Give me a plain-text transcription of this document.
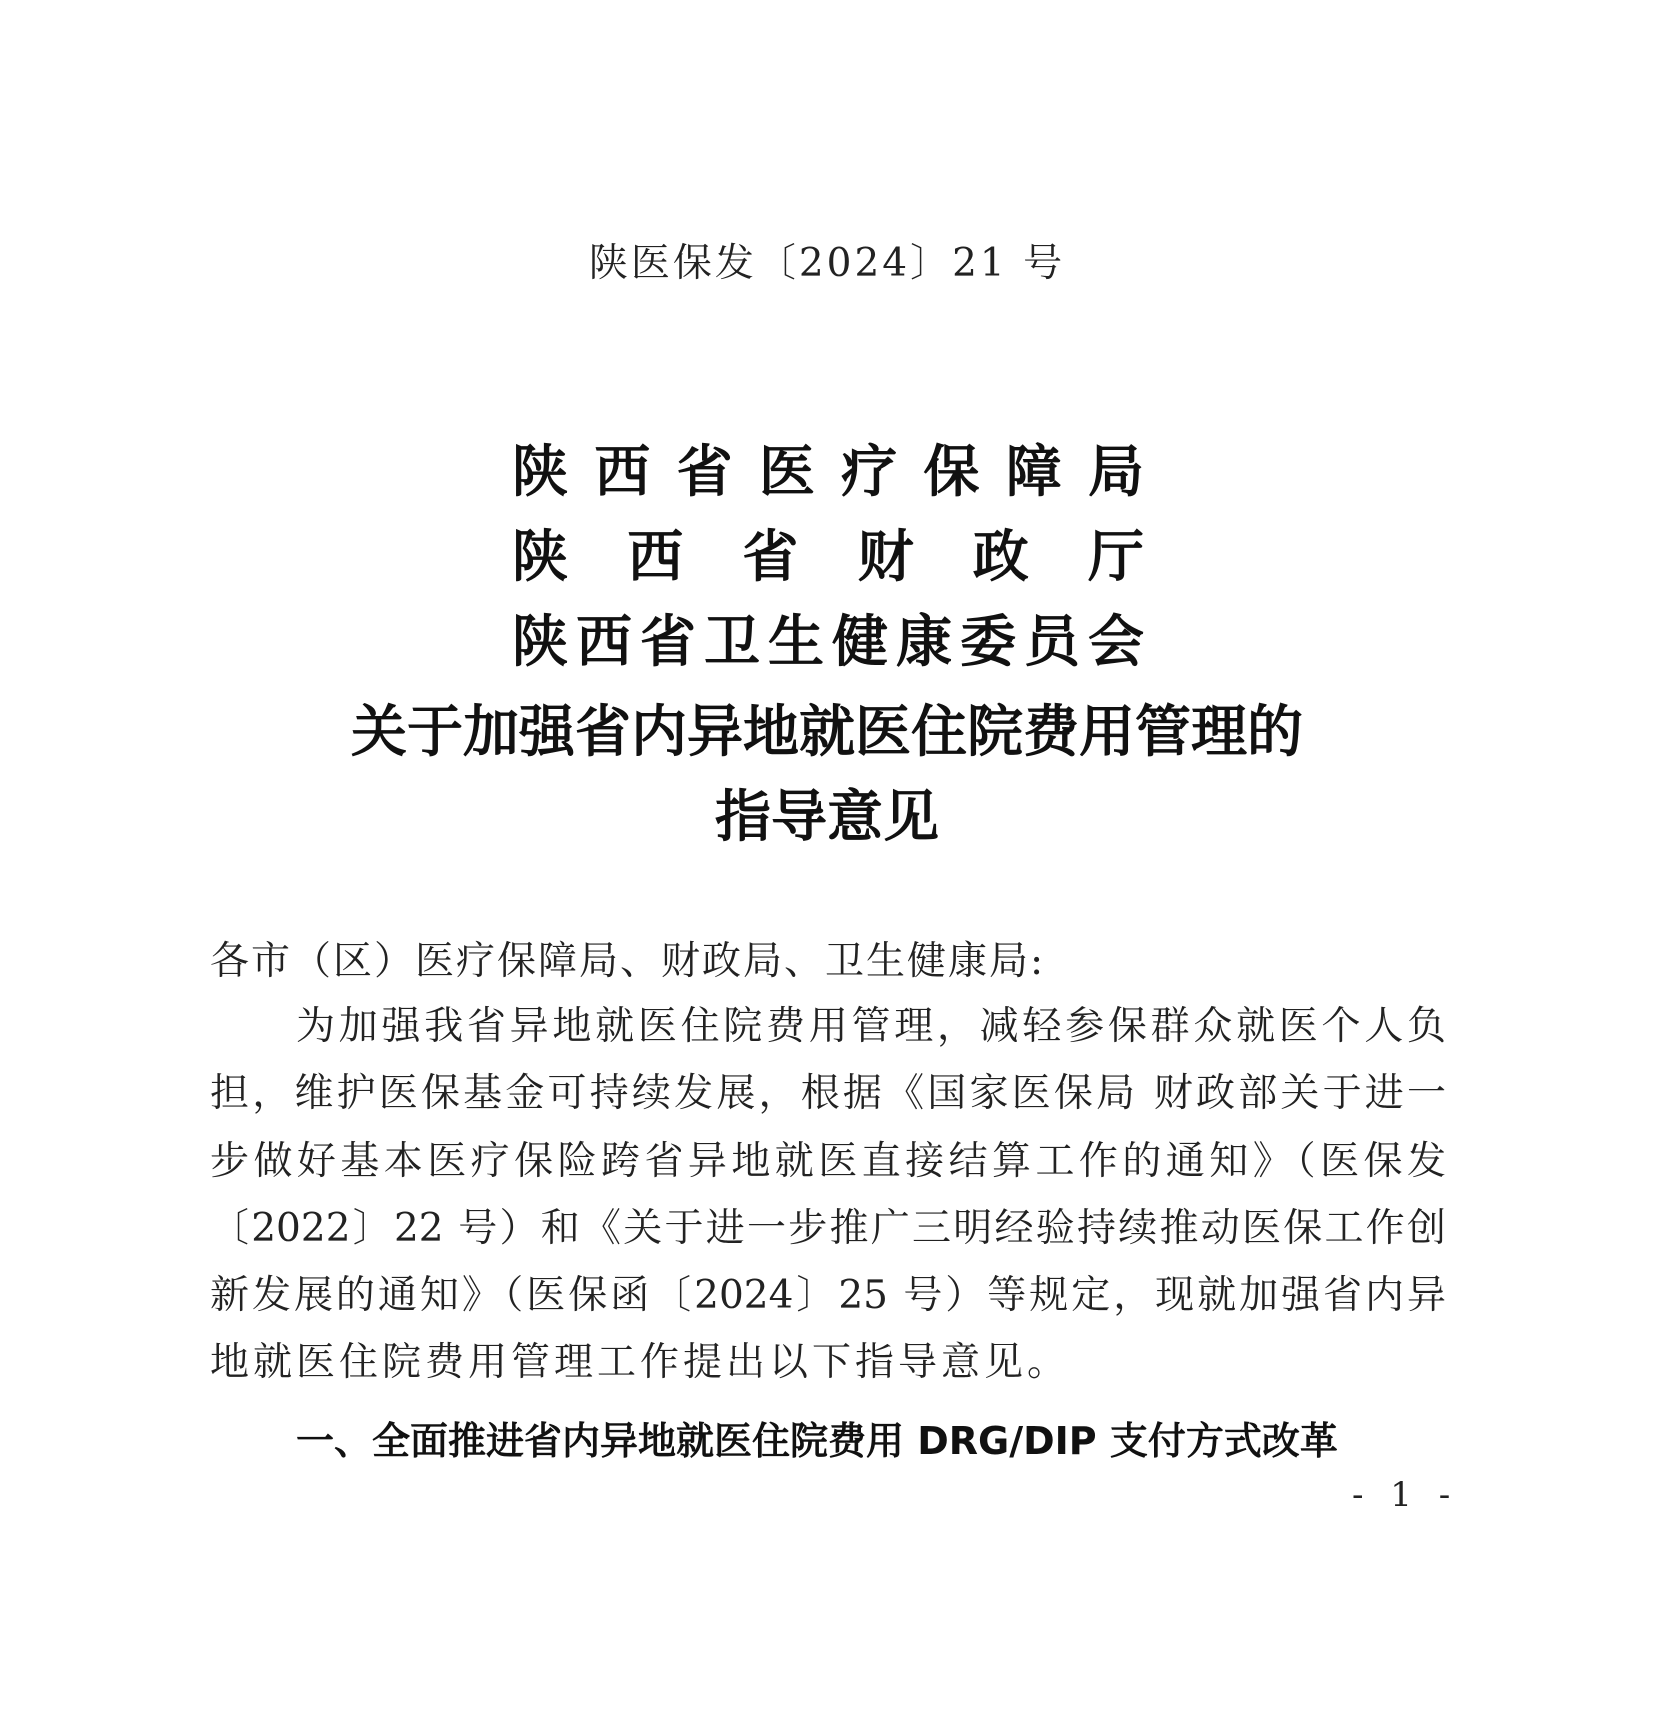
陕医保发〔2024〕21 号
陕 西 省 医 疗 保 障 局
陕 西 省 财 政 厅
陕 西 省 卫 生 健 康 委 员 会
关于加强省内异地就医住院费用管理的
指导意见
各市（区）医疗保障局、财政局、卫生健康局:
为加强我省异地就医住院费用管理，减轻参保群众就医个人负
担，维护医保基金可持续发展，根据《国家医保局 财政部关于进一
步做好基本医疗保险跨省异地就医直接结算工作的通知》（医保发
〔2022〕22 号）和《关于进一步推广三明经验持续推动医保工作创
新发展的通知》（医保函〔2024〕25 号）等规定，现就加强省内异
地就医住院费用管理工作提出以下指导意见。
一、全面推进省内异地就医住院费用 DRG/DIP 支付方式改革
- 1 -
